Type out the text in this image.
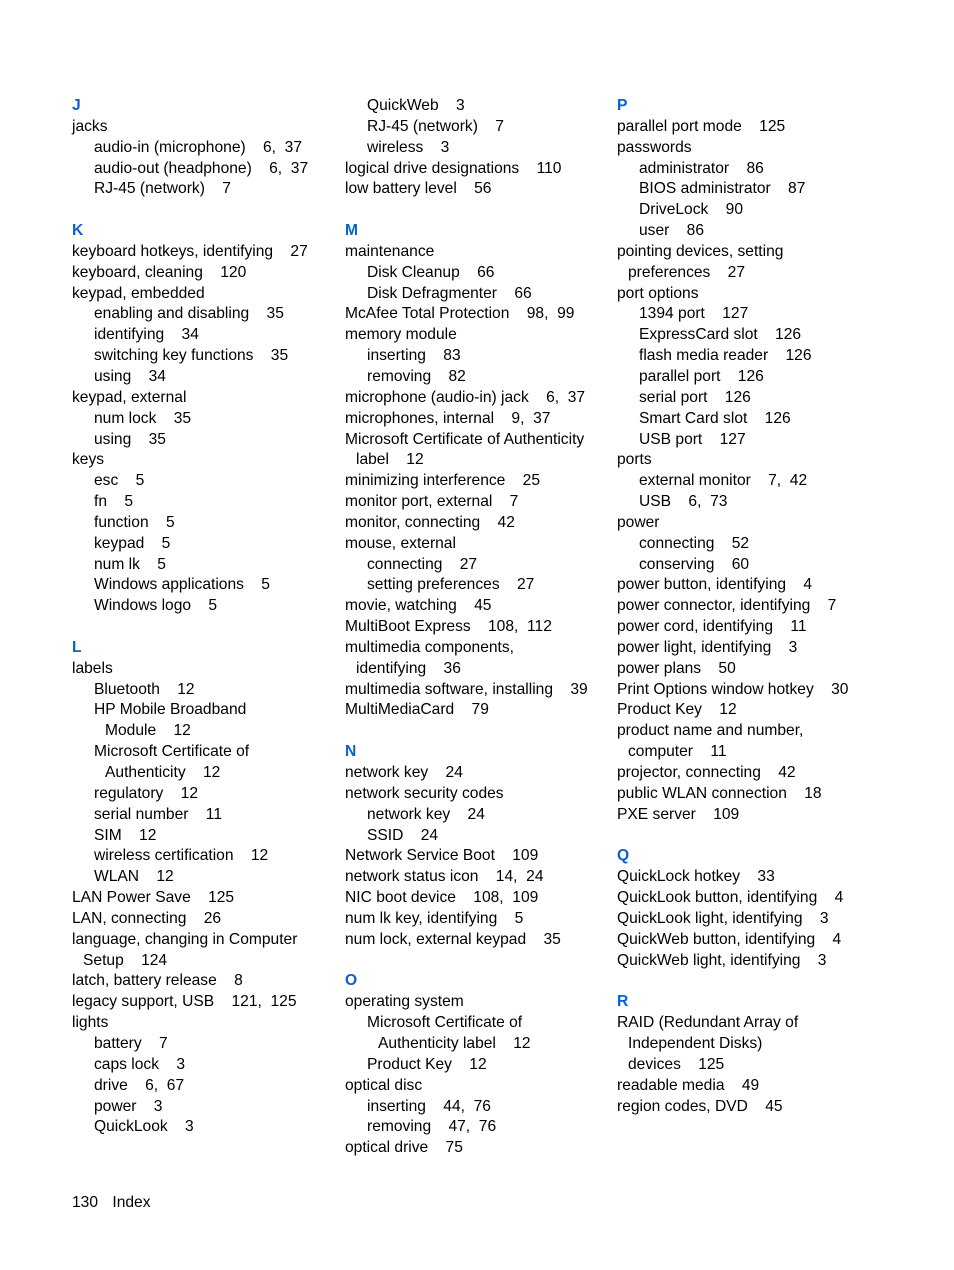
J
jacks
audio-in (microphone)    6,  37
audio-out (headphone)    6,  37
RJ-45 (network)    7
K
keyboard hotkeys, identifying    27
keyboard, cleaning    120
keypad, embedded
enabling and disabling    35
identifying    34
switching key functions    35
using    34
keypad, external
num lock    35
using    35
keys
esc    5
fn    5
function    5
keypad    5
num lk    5
Windows applications    5
Windows logo    5
L
labels
Bluetooth    12
HP Mobile Broadband
Module    12
Microsoft Certificate of
Authenticity    12
regulatory    12
serial number    11
SIM    12
wireless certification    12
WLAN    12
LAN Power Save    125
LAN, connecting    26
language, changing in Computer
Setup    124
latch, battery release    8
legacy support, USB    121,  125
lights
battery    7
caps lock    3
drive    6,  67
power    3
QuickLook    3
QuickWeb    3
RJ-45 (network)    7
wireless    3
logical drive designations    110
low battery level    56
M
maintenance
Disk Cleanup    66
Disk Defragmenter    66
McAfee Total Protection    98,  99
memory module
inserting    83
removing    82
microphone (audio-in) jack    6,  37
microphones, internal    9,  37
Microsoft Certificate of Authenticity
label    12
minimizing interference    25
monitor port, external    7
monitor, connecting    42
mouse, external
connecting    27
setting preferences    27
movie, watching    45
MultiBoot Express    108,  112
multimedia components,
identifying    36
multimedia software, installing    39
MultiMediaCard    79
N
network key    24
network security codes
network key    24
SSID    24
Network Service Boot    109
network status icon    14,  24
NIC boot device    108,  109
num lk key, identifying    5
num lock, external keypad    35
O
operating system
Microsoft Certificate of
Authenticity label    12
Product Key    12
optical disc
inserting    44,  76
removing    47,  76
optical drive    75
P
parallel port mode    125
passwords
administrator    86
BIOS administrator    87
DriveLock    90
user    86
pointing devices, setting
preferences    27
port options
1394 port    127
ExpressCard slot    126
flash media reader    126
parallel port    126
serial port    126
Smart Card slot    126
USB port    127
ports
external monitor    7,  42
USB    6,  73
power
connecting    52
conserving    60
power button, identifying    4
power connector, identifying    7
power cord, identifying    11
power light, identifying    3
power plans    50
Print Options window hotkey    30
Product Key    12
product name and number,
computer    11
projector, connecting    42
public WLAN connection    18
PXE server    109
Q
QuickLock hotkey    33
QuickLook button, identifying    4
QuickLook light, identifying    3
QuickWeb button, identifying    4
QuickWeb light, identifying    3
R
RAID (Redundant Array of
Independent Disks)
devices    125
readable media    49
region codes, DVD    45
130 Index
